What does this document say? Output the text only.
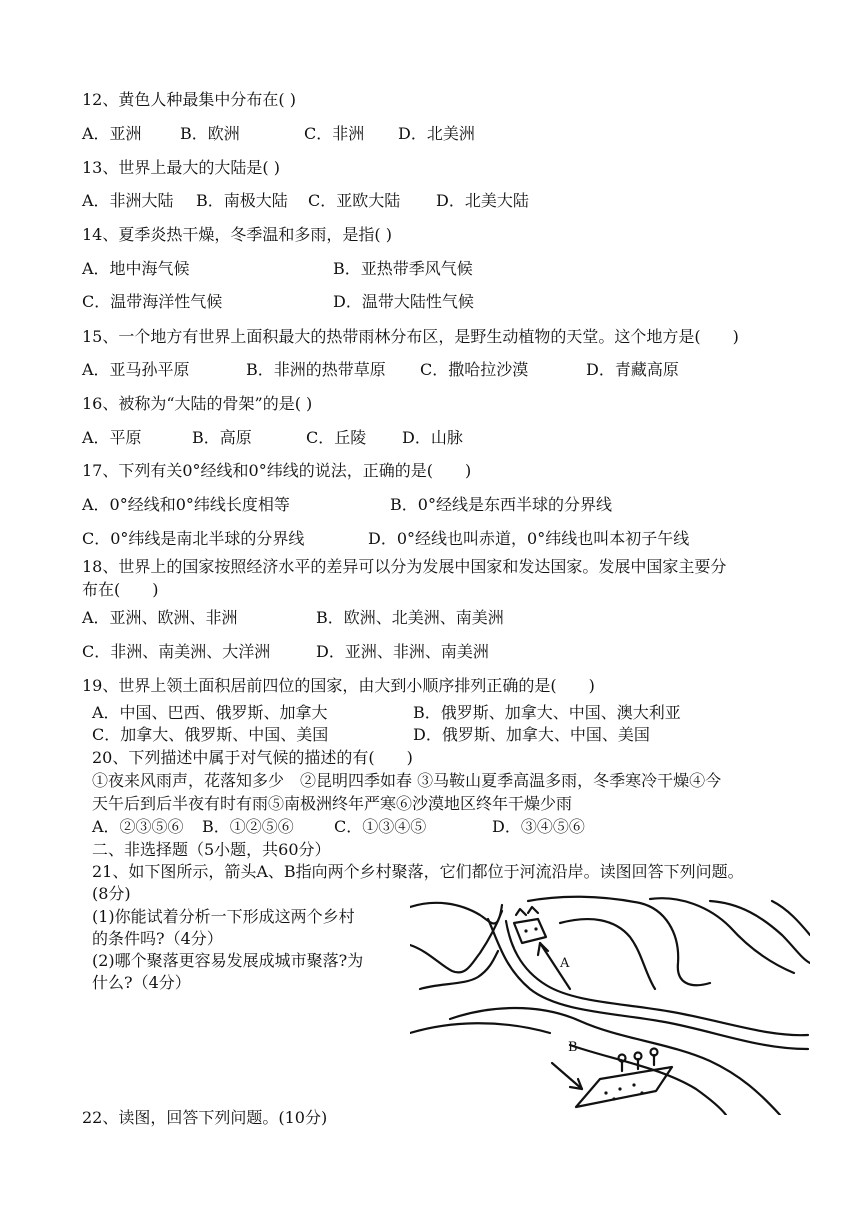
12、黄色人种最集中分布在( )
A．亚洲 B．欧洲	C．非洲 D．北美洲
13、世界上最大的大陆是( )
A．非洲大陆 B．南极大陆 C．亚欧大陆 D．北美大陆
14、夏季炎热干燥，冬季温和多雨，是指( )
A．地中海气候	B．亚热带季风气候
C．温带海洋性气候	D．温带大陆性气候
15、一个地方有世界上面积最大的热带雨林分布区，是野生动植物的天堂。这个地方是(　　)
A．亚马孙平原	B．非洲的热带草原 C．撒哈拉沙漠	D．青藏高原
16、被称为“大陆的骨架”的是( )
A．平原	B．高原	C．丘陵 D．山脉
17、下列有关0°经线和0°纬线的说法，正确的是(　　)
A．0°经线和0°纬线长度相等	B．0°经线是东西半球的分界线
C．0°纬线是南北半球的分界线	D．0°经线也叫赤道，0°纬线也叫本初子午线
18、世界上的国家按照经济水平的差异可以分为发展中国家和发达国家。发展中国家主要分
布在(　　)
A．亚洲、欧洲、非洲	B．欧洲、北美洲、南美洲
C．非洲、南美洲、大洋洲	D．亚洲、非洲、南美洲
19、世界上领土面积居前四位的国家，由大到小顺序排列正确的是(　　)
A．中国、巴西、俄罗斯、加拿大	B．俄罗斯、加拿大、中国、澳大利亚
C．加拿大、俄罗斯、中国、美国	D．俄罗斯、加拿大、中国、美国
20、下列描述中属于对气候的描述的有(　　)
①夜来风雨声，花落知多少　②昆明四季如春 ③马鞍山夏季高温多雨，冬季寒冷干燥④今
天午后到后半夜有时有雨⑤南极洲终年严寒⑥沙漠地区终年干燥少雨
A．②③⑤⑥ B．①②⑤⑥	C．①③④⑤	D．③④⑤⑥
二、非选择题（5小题，共60分）
21、如下图所示，箭头A、B指向两个乡村聚落，它们都位于河流沿岸。读图回答下列问题。
(8分)
(1)你能试着分析一下形成这两个乡村
的条件吗?（4分）
(2)哪个聚落更容易发展成城市聚落?为
什么?（4分）
A
B
22、读图，回答下列问题。(10分)
